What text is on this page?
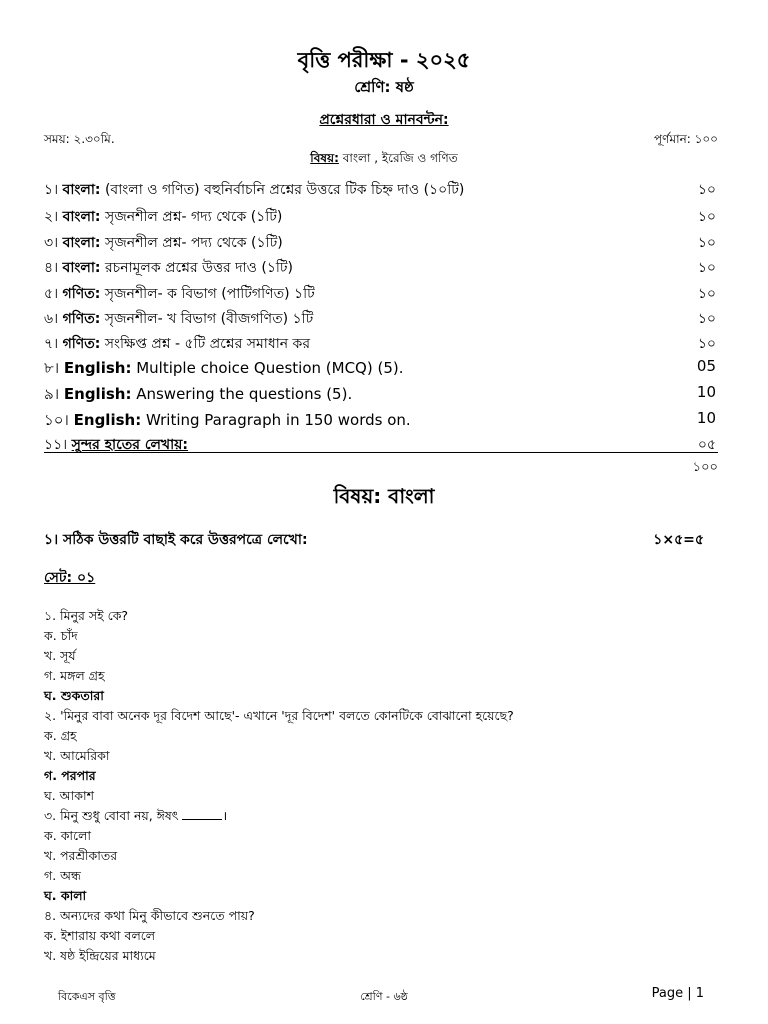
বৃত্তি পরীক্ষা - ২০২৫
শ্রেণি: ষষ্ঠ
প্রশ্নেরধারা ও মানবন্টন:
সময়: ২.৩০মি.	পূর্ণমান: ১০০
বিষয়: বাংলা , ইরেজি ও গণিত
১। বাংলা: (বাংলা ও গণিত) বহুনির্বাচনি প্রশ্নের উত্তরে টিক চিহ্ন দাও (১০টি)	১০
২। বাংলা: সৃজনশীল প্রশ্ন- গদ্য থেকে (১টি)	১০
৩। বাংলা: সৃজনশীল প্রশ্ন- পদ্য থেকে (১টি)	১০
৪। বাংলা: রচনামূলক প্রশ্নের উত্তর দাও (১টি)	১০
৫। গণিত: সৃজনশীল- ক বিভাগ (পাটিগণিত) ১টি	১০
৬। গণিত: সৃজনশীল- খ বিভাগ (বীজগণিত) ১টি	১০
৭। গণিত: সংক্ষিপ্ত প্রশ্ন - ৫টি প্রশ্নের সমাধান কর	১০
৮। English: Multiple choice Question (MCQ) (5).	05
৯। English: Answering the questions (5).	10
১০। English: Writing Paragraph in 150 words on.	10
১১। সুন্দর হাতের লেখায়:	০৫
১০০
বিষয়: বাংলা
১। সঠিক উত্তরটি বাছাই করে উত্তরপত্রে লেখো:	১×৫=৫
সেট: ০১
১. মিনুর সই কে?
ক. চাঁদ
খ. সূর্য
গ. মঙ্গল গ্রহ
ঘ. শুকতারা
২. 'মিনুর বাবা অনেক দূর বিদেশ আছে'- এখানে 'দূর বিদেশ' বলতে কোনটিকে বোঝানো হয়েছে?
ক. গ্রহ
খ. আমেরিকা
গ. পরপার
ঘ. আকাশ
৩. মিনু শুধু বোবা নয়, ঈষৎ	।
ক. কালো
খ. পরশ্রীকাতর
গ. অন্ধ
ঘ. কালা
৪. অন্যদের কথা মিনু কীভাবে শুনতে পায়?
ক. ইশারায় কথা বললে
খ. ষষ্ঠ ইন্দ্রিয়ের মাধ্যমে
বিকেএস বৃত্তি	শ্রেণি - ৬ষ্ঠ	Page | 1
